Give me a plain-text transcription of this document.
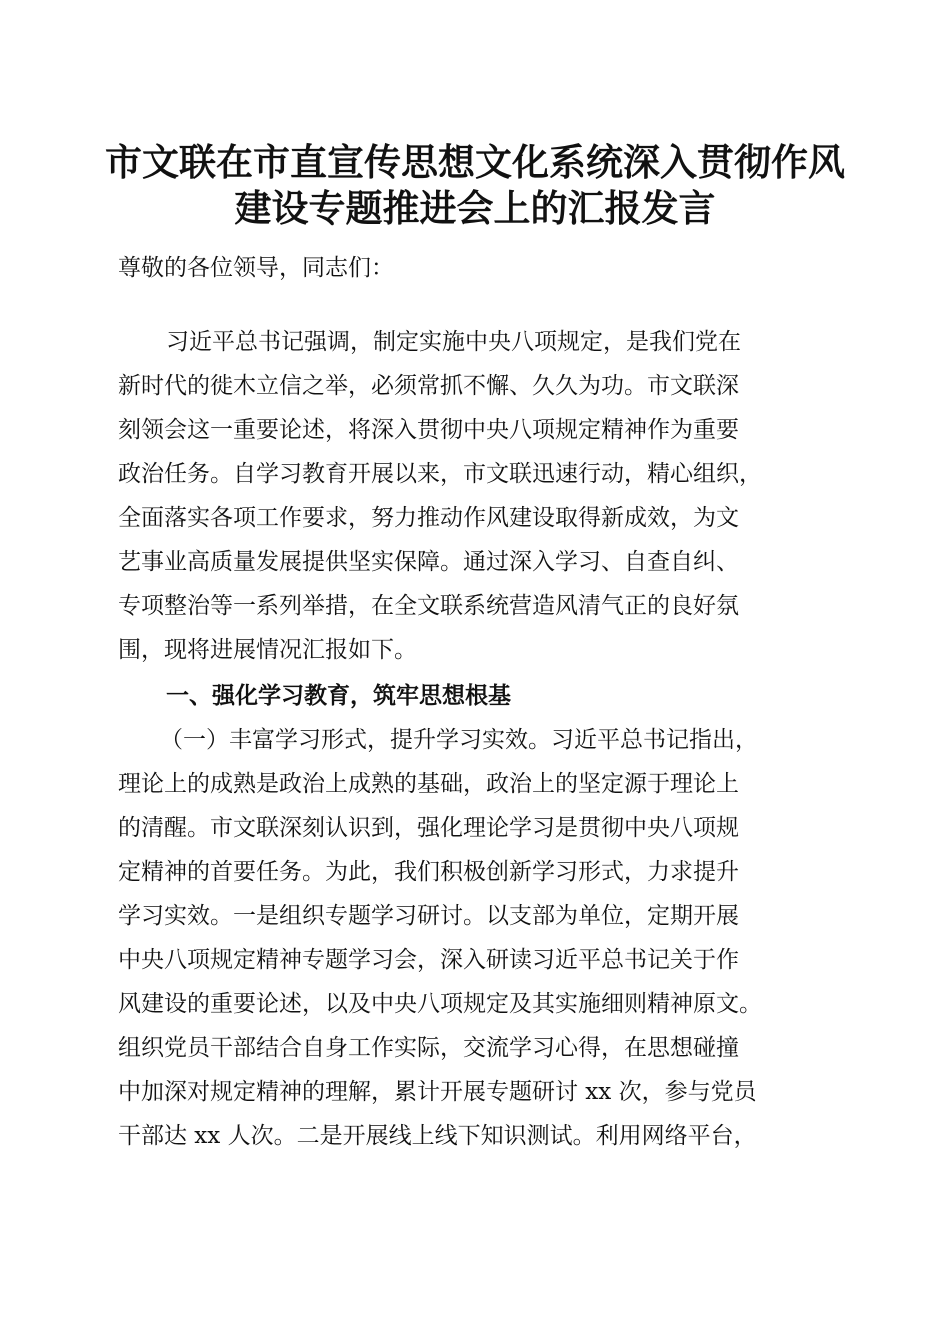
市文联在市直宣传思想文化系统深入贯彻作风
建设专题推进会上的汇报发言
尊敬的各位领导，同志们：
习近平总书记强调，制定实施中央八项规定，是我们党在
新时代的徙木立信之举，必须常抓不懈、久久为功。市文联深
刻领会这一重要论述，将深入贯彻中央八项规定精神作为重要
政治任务。自学习教育开展以来，市文联迅速行动，精心组织，
全面落实各项工作要求，努力推动作风建设取得新成效，为文
艺事业高质量发展提供坚实保障。通过深入学习、自查自纠、
专项整治等一系列举措，在全文联系统营造风清气正的良好氛
围，现将进展情况汇报如下。
一、强化学习教育，筑牢思想根基
（一）丰富学习形式，提升学习实效。习近平总书记指出，
理论上的成熟是政治上成熟的基础，政治上的坚定源于理论上
的清醒。市文联深刻认识到，强化理论学习是贯彻中央八项规
定精神的首要任务。为此，我们积极创新学习形式，力求提升
学习实效。一是组织专题学习研讨。以支部为单位，定期开展
中央八项规定精神专题学习会，深入研读习近平总书记关于作
风建设的重要论述，以及中央八项规定及其实施细则精神原文。
组织党员干部结合自身工作实际，交流学习心得，在思想碰撞
中加深对规定精神的理解，累计开展专题研讨 xx 次，参与党员
干部达 xx 人次。二是开展线上线下知识测试。利用网络平台，
